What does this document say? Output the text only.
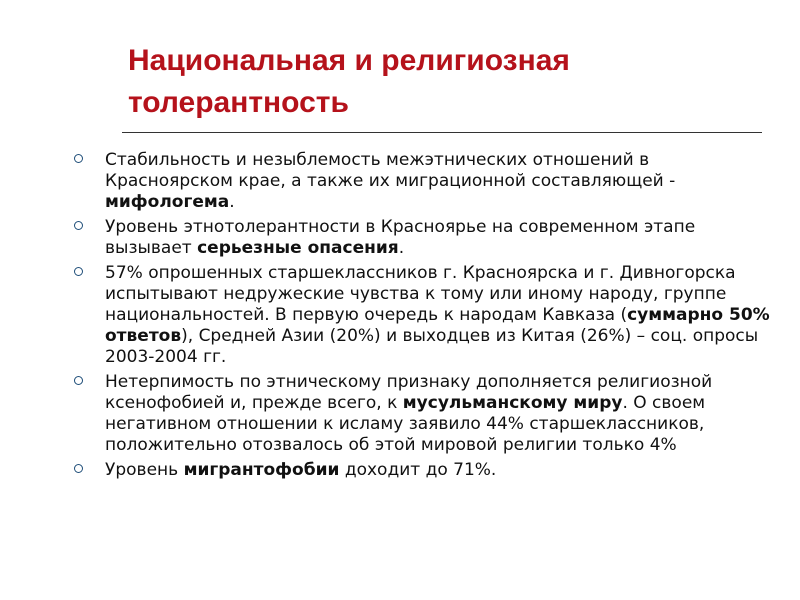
Национальная и религиозная
толерантность
Стабильность и незыблемость межэтнических отношений в Красноярском крае, а также их миграционной составляющей - мифологема.
Уровень этнотолерантности в Красноярье на современном этапе вызывает серьезные опасения.
57% опрошенных старшеклассников г. Красноярска и г. Дивногорска испытывают недружеские чувства к тому или иному народу, группе национальностей. В первую очередь к народам Кавказа (суммарно 50% ответов), Средней Азии (20%) и выходцев из Китая (26%) – соц. опросы 2003-2004 гг.
Нетерпимость по этническому признаку дополняется религиозной ксенофобией и, прежде всего, к мусульманскому миру. О своем негативном отношении к исламу заявило 44% старшеклассников, положительно отозвалось об этой мировой религии только 4%
Уровень мигрантофобии доходит до 71%.
